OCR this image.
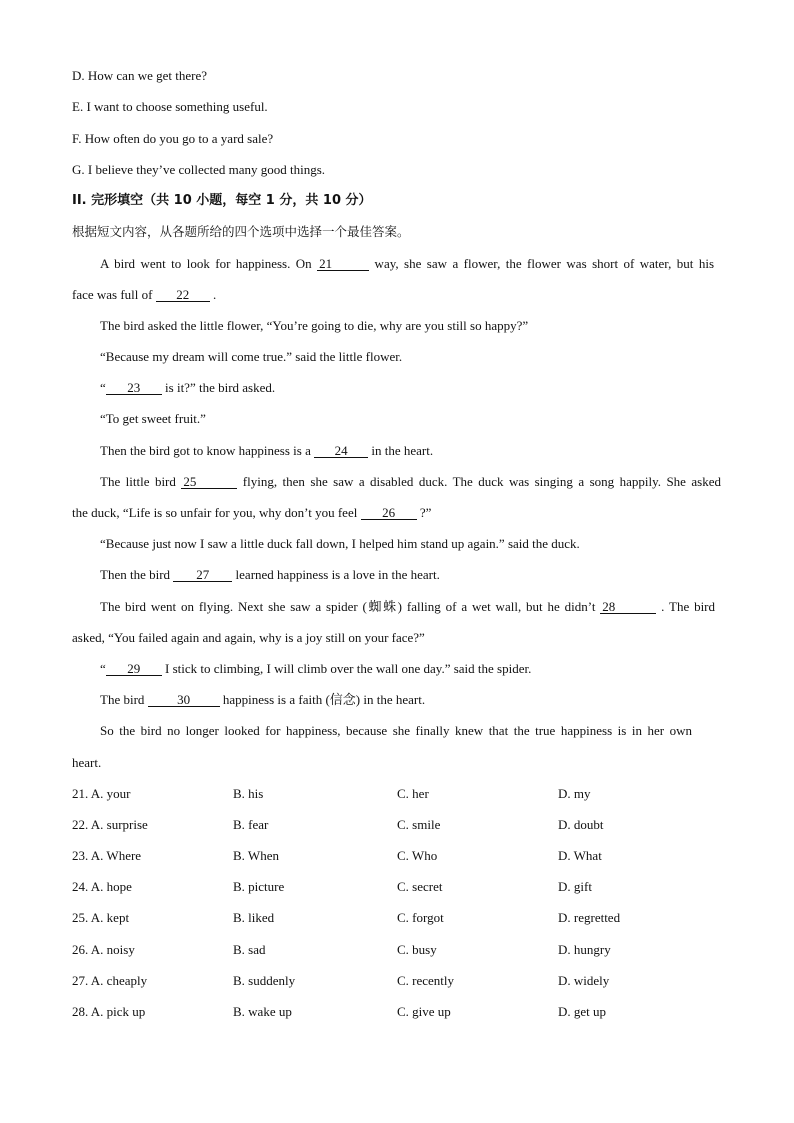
D. How can we get there?
E. I want to choose something useful.
F. How often do you go to a yard sale?
G. I believe they’ve collected many good things.
II. 完形填空（共 10 小题，每空 1 分，共 10 分）
根据短文内容，从各题所给的四个选项中选择一个最佳答案。
A bird went to look for happiness. On 21	way, she saw a flower, the flower was short of water, but his
face was full of 22 .
The bird asked the little flower, “You’re going to die, why are you still so happy?”
“Because my dream will come true.” said the little flower.
“ 23 is it?” the bird asked.
“To get sweet fruit.”
Then the bird got to know happiness is a 24 in the heart.
The little bird 25	flying, then she saw a disabled duck. The duck was singing a song happily. She asked
the duck, “Life is so unfair for you, why don’t you feel 26 ?”
“Because just now I saw a little duck fall down, I helped him stand up again.” said the duck.
Then the bird 27 learned happiness is a love in the heart.
The bird went on flying. Next she saw a spider (蜘蛛) falling of a wet wall, but he didn’t 28	. The bird
asked, “You failed again and again, why is a joy still on your face?”
“ 29 I stick to climbing, I will climb over the wall one day.” said the spider.
The bird 30 happiness is a faith (信念) in the heart.
So the bird no longer looked for happiness, because she finally knew that the true happiness is in her own
heart.
21. A. your	B. his	C. her	D. my
22. A. surprise	B. fear	C. smile	D. doubt
23. A. Where	B. When	C. Who	D. What
24. A. hope	B. picture	C. secret	D. gift
25. A. kept	B. liked	C. forgot	D. regretted
26. A. noisy	B. sad	C. busy	D. hungry
27. A. cheaply	B. suddenly	C. recently	D. widely
28. A. pick up	B. wake up	C. give up	D. get up
